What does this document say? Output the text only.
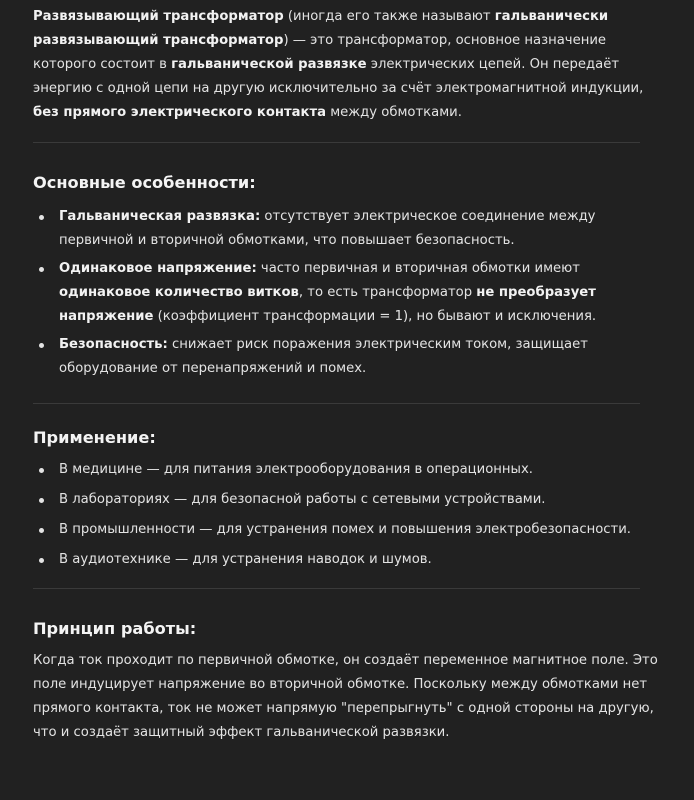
Развязывающий трансформатор (иногда его также называют гальванически развязывающий трансформатор) — это трансформатор, основное назначение которого состоит в гальванической развязке электрических цепей. Он передаёт энергию с одной цепи на другую исключительно за счёт электромагнитной индукции, без прямого электрического контакта между обмотками.

Основные особенности:
Гальваническая развязка: отсутствует электрическое соединение между первичной и вторичной обмотками, что повышает безопасность.
Одинаковое напряжение: часто первичная и вторичная обмотки имеют одинаковое количество витков, то есть трансформатор не преобразует напряжение (коэффициент трансформации = 1), но бывают и исключения.
Безопасность: снижает риск поражения электрическим током, защищает оборудование от перенапряжений и помех.
Применение:
В медицине — для питания электрооборудования в операционных.
В лабораториях — для безопасной работы с сетевыми устройствами.
В промышленности — для устранения помех и повышения электробезопасности.
В аудиотехнике — для устранения наводок и шумов.
Принцип работы:

Когда ток проходит по первичной обмотке, он создаёт переменное магнитное поле. Это поле индуцирует напряжение во вторичной обмотке. Поскольку между обмотками нет прямого контакта, ток не может напрямую "перепрыгнуть" с одной стороны на другую, что и создаёт защитный эффект гальванической развязки.
